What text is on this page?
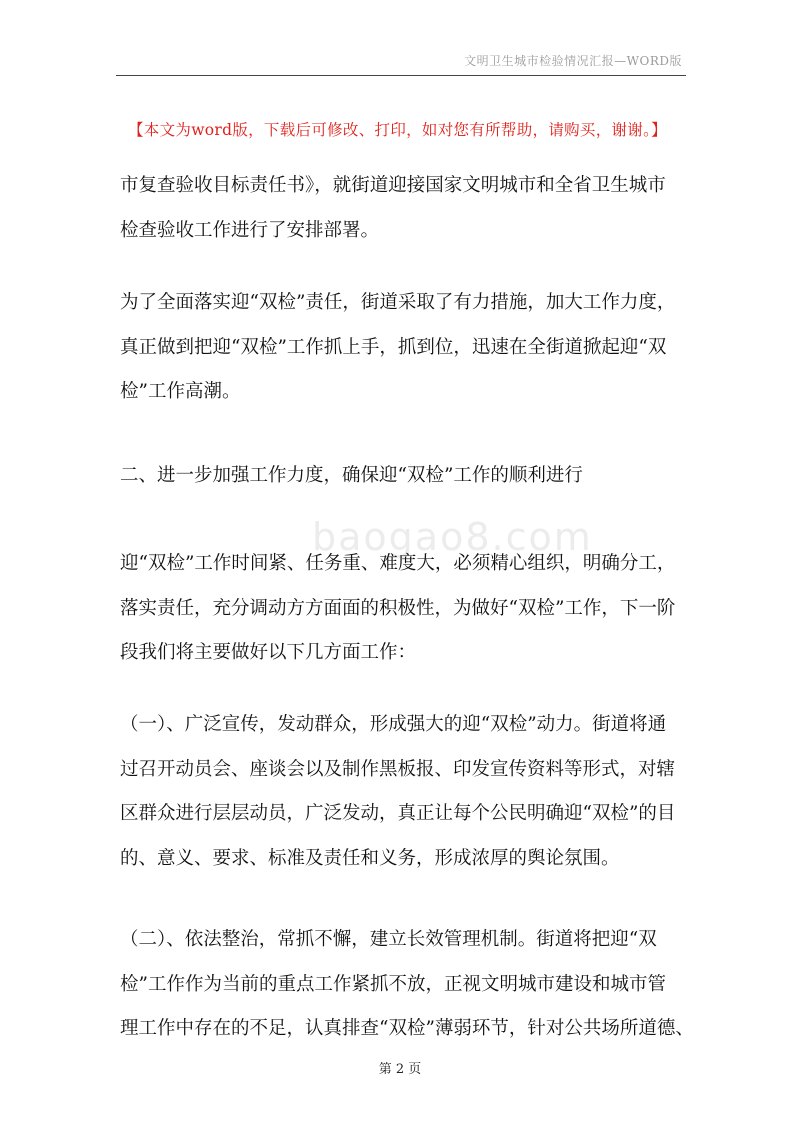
文明卫生城市检验情况汇报—WORD版
【本文为word版，下载后可修改、打印，如对您有所帮助，请购买，谢谢。】
baogao8.com

市复查验收目标责任书》，就街道迎接国家文明城市和全省卫生城市
检查验收工作进行了安排部署。

为了全面落实迎“双检”责任，街道采取了有力措施，加大工作力度，
真正做到把迎“双检”工作抓上手，抓到位，迅速在全街道掀起迎“双
检”工作高潮。

二、进一步加强工作力度，确保迎“双检”工作的顺利进行

迎“双检”工作时间紧、任务重、难度大，必须精心组织，明确分工，
落实责任，充分调动方方面面的积极性，为做好“双检”工作，下一阶
段我们将主要做好以下几方面工作：

（一）、广泛宣传，发动群众，形成强大的迎“双检”动力。街道将通
过召开动员会、座谈会以及制作黑板报、印发宣传资料等形式，对辖
区群众进行层层动员，广泛发动，真正让每个公民明确迎“双检”的目
的、意义、要求、标准及责任和义务，形成浓厚的舆论氛围。

（二）、依法整治，常抓不懈，建立长效管理机制。街道将把迎“双
检”工作作为当前的重点工作紧抓不放，正视文明城市建设和城市管
理工作中存在的不足，认真排查“双检”薄弱环节，针对公共场所道德、

第 2 页
